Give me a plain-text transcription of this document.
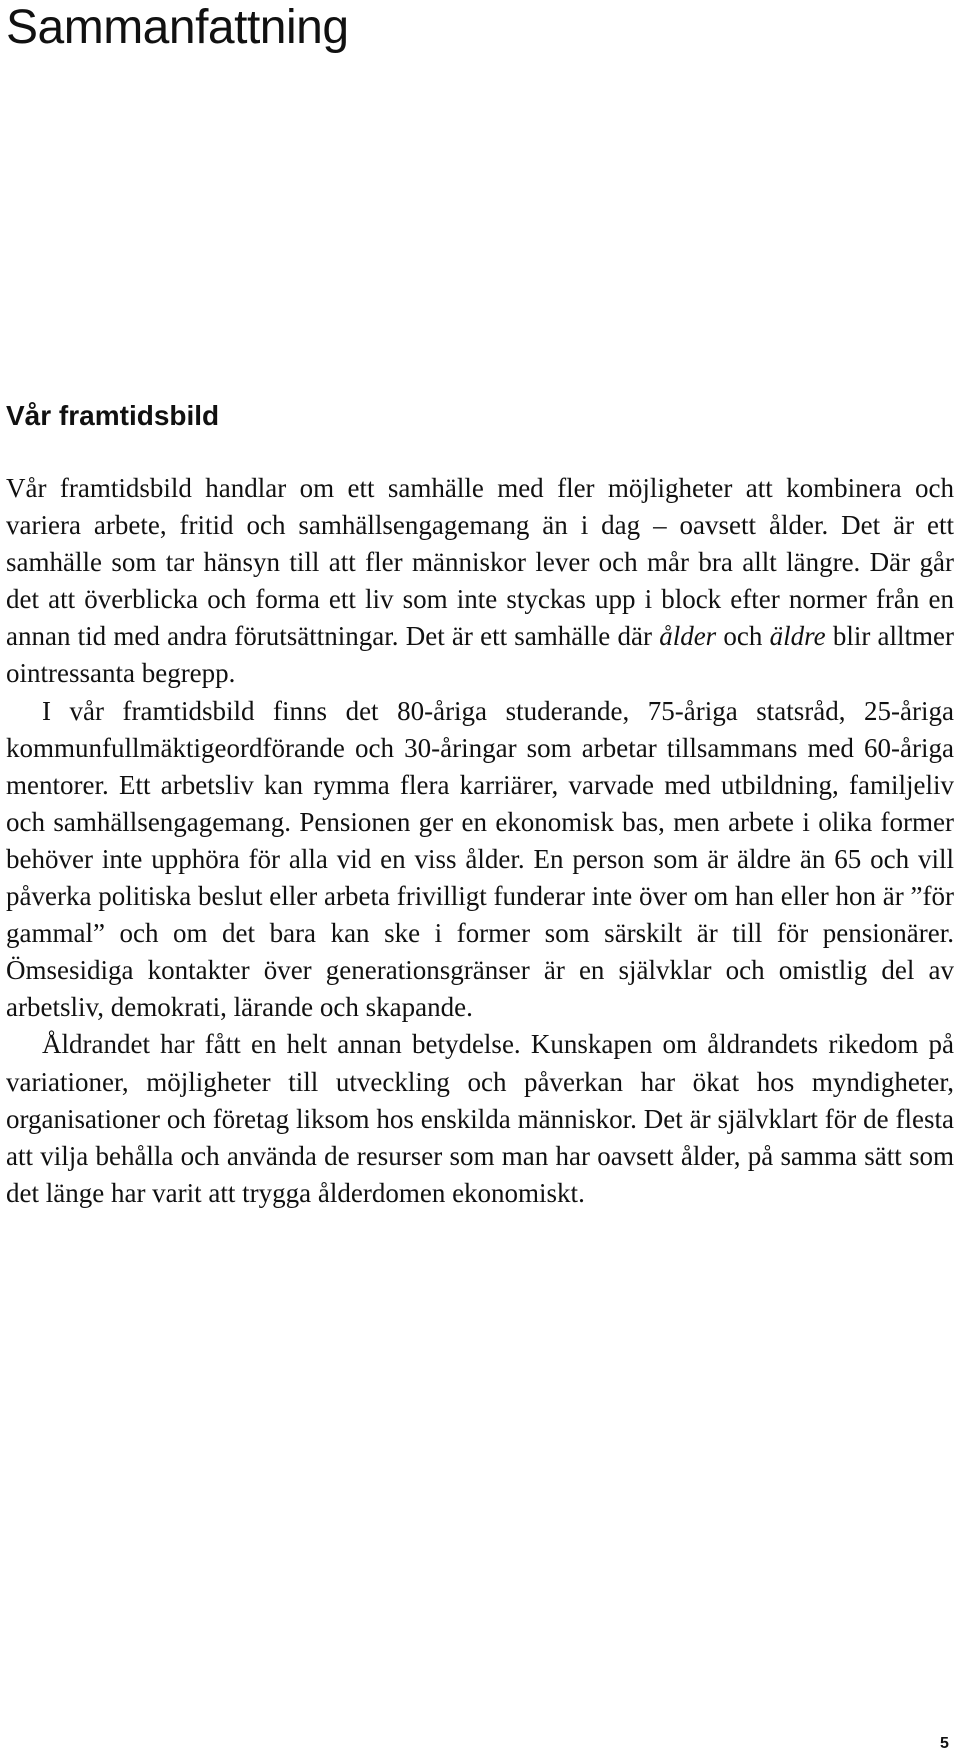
Sammanfattning
Vår framtidsbild

Vår framtidsbild handlar om ett samhälle med fler möjligheter att kombinera och variera arbete, fritid och samhällsengagemang än i dag – oavsett ålder. Det är ett samhälle som tar hänsyn till att fler människor lever och mår bra allt längre. Där går det att överblicka och forma ett liv som inte styckas upp i block efter normer från en annan tid med andra förutsättningar. Det är ett samhälle där ålder och äldre blir alltmer ointressanta begrepp.

I vår framtidsbild finns det 80-åriga studerande, 75-åriga statsråd, 25-åriga kommunfullmäktigeordförande och 30-åringar som arbetar tillsammans med 60-åriga mentorer. Ett arbetsliv kan rymma flera karriärer, varvade med utbildning, familjeliv och samhällsengagemang. Pensionen ger en ekonomisk bas, men arbete i olika former behöver inte upphöra för alla vid en viss ålder. En person som är äldre än 65 och vill påverka politiska beslut eller arbeta frivilligt funderar inte över om han eller hon är ”för gammal” och om det bara kan ske i former som särskilt är till för pensionärer. Ömsesidiga kontakter över generationsgränser är en självklar och omistlig del av arbetsliv, demokrati, lärande och skapande.

Åldrandet har fått en helt annan betydelse. Kunskapen om åldrandets rikedom på variationer, möjligheter till utveckling och påverkan har ökat hos myndigheter, organisationer och företag liksom hos enskilda människor. Det är självklart för de flesta att vilja behålla och använda de resurser som man har oavsett ålder, på samma sätt som det länge har varit att trygga ålderdomen ekonomiskt.

5
